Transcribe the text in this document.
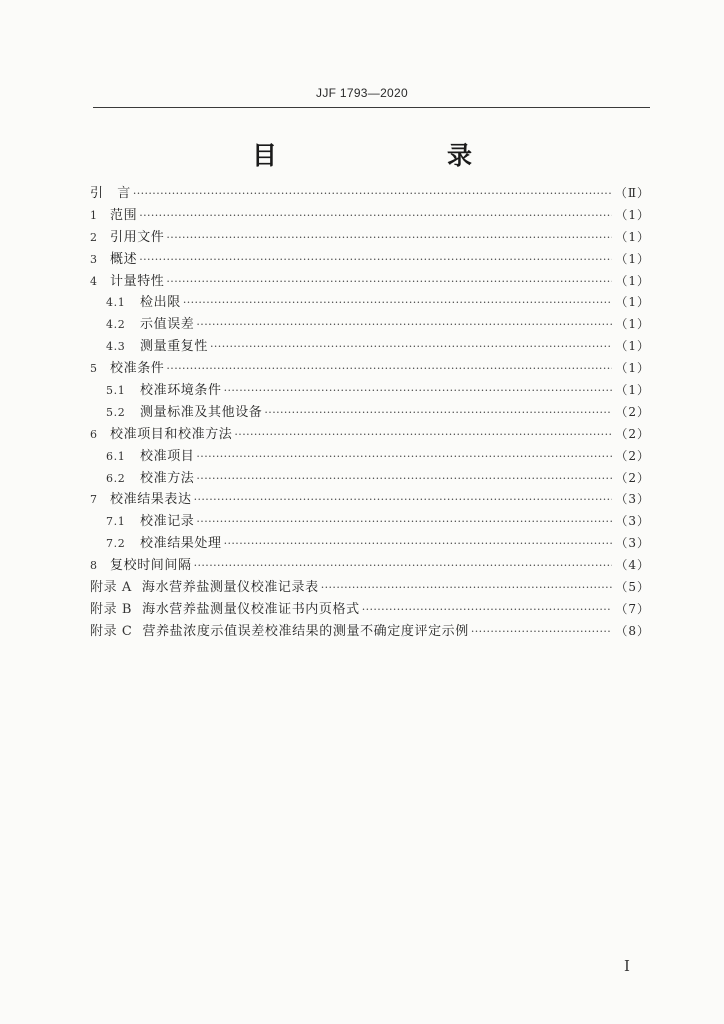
JJF 1793—2020
目　　录
引　言 ·····	（Ⅱ）
1 范围 ·····	（1）
2 引用文件 ·····	（1）
3 概述 ·····	（1）
4 计量特性 ·····	（1）
4.1 检出限 ·····	（1）
4.2 示值误差 ·····	（1）
4.3 测量重复性 ·····	（1）
5 校准条件 ·····	（1）
5.1 校准环境条件 ·····	（1）
5.2 测量标准及其他设备 ·····	（2）
6 校准项目和校准方法 ·····	（2）
6.1 校准项目 ·····	（2）
6.2 校准方法 ·····	（2）
7 校准结果表达 ·····	（3）
7.1 校准记录 ·····	（3）
7.2 校准结果处理 ·····	（3）
8 复校时间间隔 ·····	（4）
附录 A 海水营养盐测量仪校准记录表 ·····	（5）
附录 B 海水营养盐测量仪校准证书内页格式 ·····	（7）
附录 C 营养盐浓度示值误差校准结果的测量不确定度评定示例 ·····	（8）
Ⅰ
